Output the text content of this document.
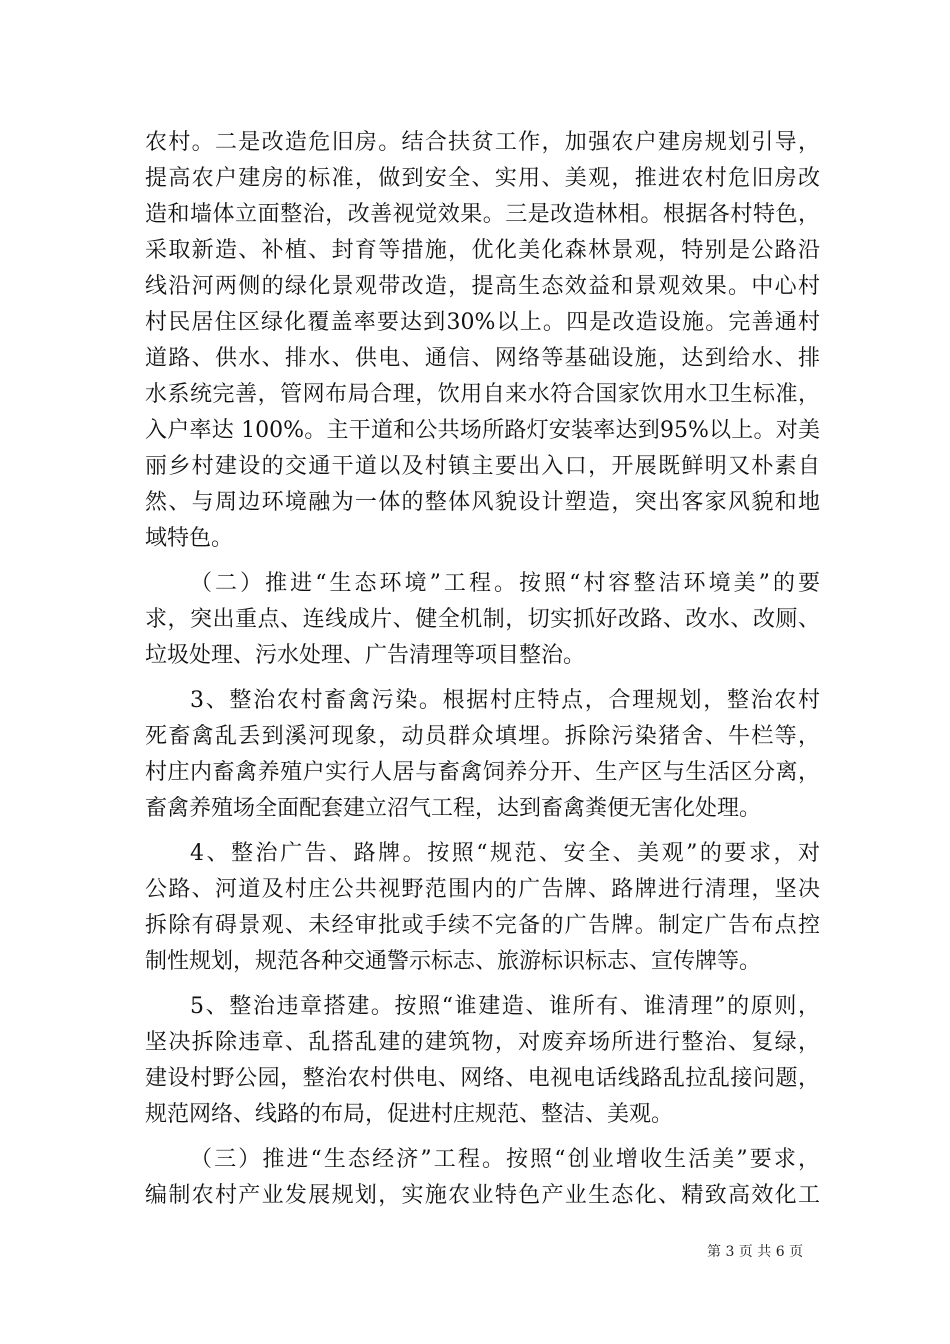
农村。二是改造危旧房。结合扶贫工作，加强农户建房规划引导，
提高农户建房的标准，做到安全、实用、美观，推进农村危旧房改
造和墙体立面整治，改善视觉效果。三是改造林相。根据各村特色，
采取新造、补植、封育等措施，优化美化森林景观，特别是公路沿
线沿河两侧的绿化景观带改造，提高生态效益和景观效果。中心村
村民居住区绿化覆盖率要达到30%以上。四是改造设施。完善通村
道路、供水、排水、供电、通信、网络等基础设施，达到给水、排
水系统完善，管网布局合理，饮用自来水符合国家饮用水卫生标准，
入户率达 100%。主干道和公共场所路灯安装率达到95%以上。对美
丽乡村建设的交通干道以及村镇主要出入口，开展既鲜明又朴素自
然、与周边环境融为一体的整体风貌设计塑造，突出客家风貌和地
域特色。
（二）推进“生态环境”工程。按照“村容整洁环境美”的要
求，突出重点、连线成片、健全机制，切实抓好改路、改水、改厕、
垃圾处理、污水处理、广告清理等项目整治。
3、整治农村畜禽污染。根据村庄特点，合理规划，整治农村
死畜禽乱丢到溪河现象，动员群众填埋。拆除污染猪舍、牛栏等，
村庄内畜禽养殖户实行人居与畜禽饲养分开、生产区与生活区分离，
畜禽养殖场全面配套建立沼气工程，达到畜禽粪便无害化处理。
4、整治广告、路牌。按照“规范、安全、美观”的要求，对
公路、河道及村庄公共视野范围内的广告牌、路牌进行清理，坚决
拆除有碍景观、未经审批或手续不完备的广告牌。制定广告布点控
制性规划，规范各种交通警示标志、旅游标识标志、宣传牌等。
5、整治违章搭建。按照“谁建造、谁所有、谁清理”的原则，
坚决拆除违章、乱搭乱建的建筑物，对废弃场所进行整治、复绿，
建设村野公园，整治农村供电、网络、电视电话线路乱拉乱接问题，
规范网络、线路的布局，促进村庄规范、整洁、美观。
（三）推进“生态经济”工程。按照“创业增收生活美”要求，
编制农村产业发展规划，实施农业特色产业生态化、精致高效化工
第 3 页 共 6 页
